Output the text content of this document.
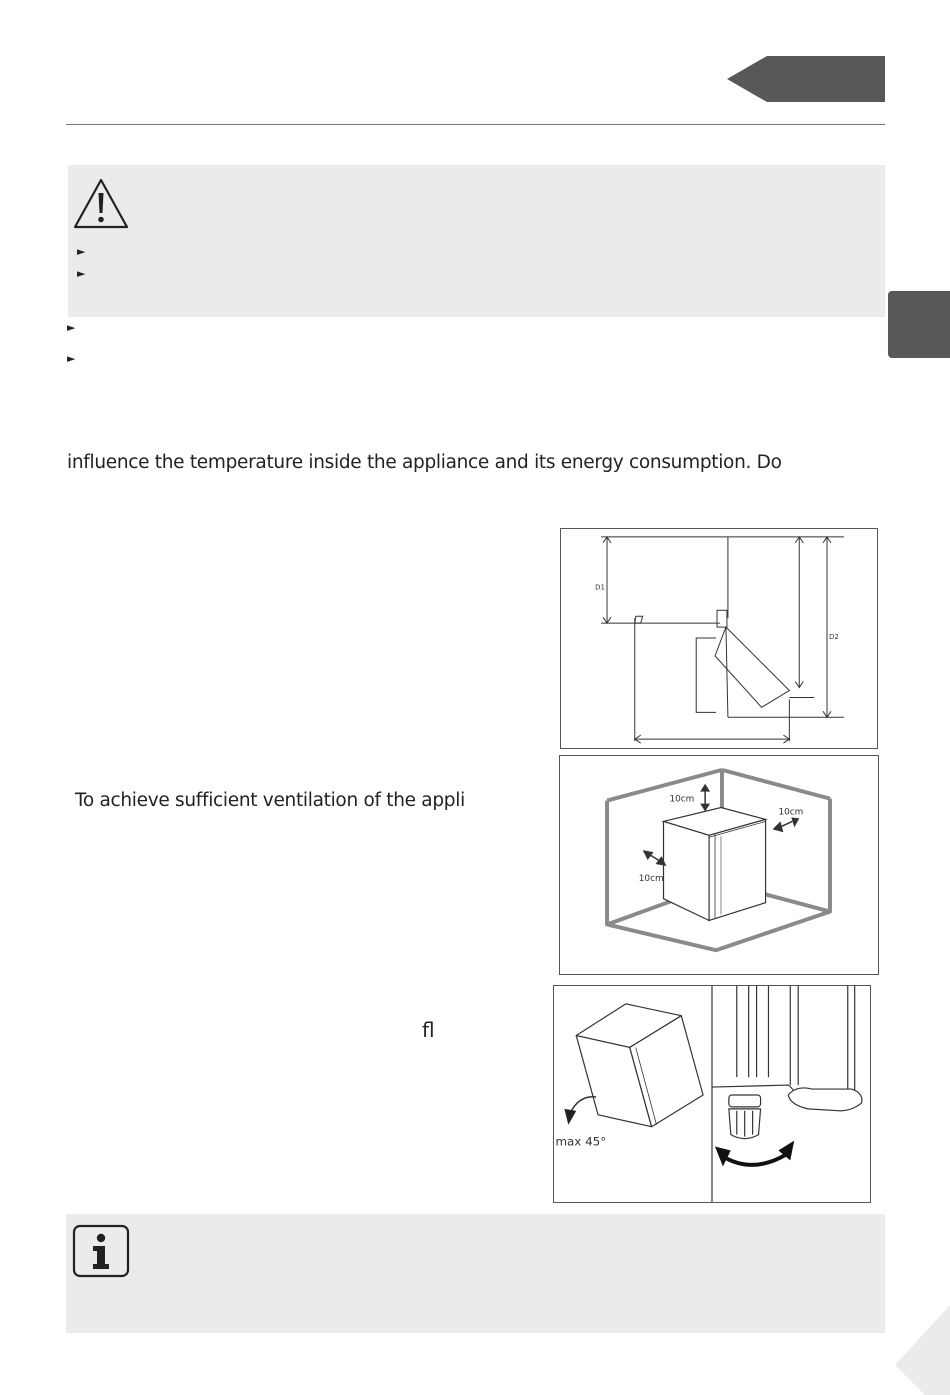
►
►
►
►
influence the temperature inside the appliance and its energy consumption. Do
To achieve sufficient ventilation of the appli
fl
D1
D2
10cm
10cm
10cm
max 45°
